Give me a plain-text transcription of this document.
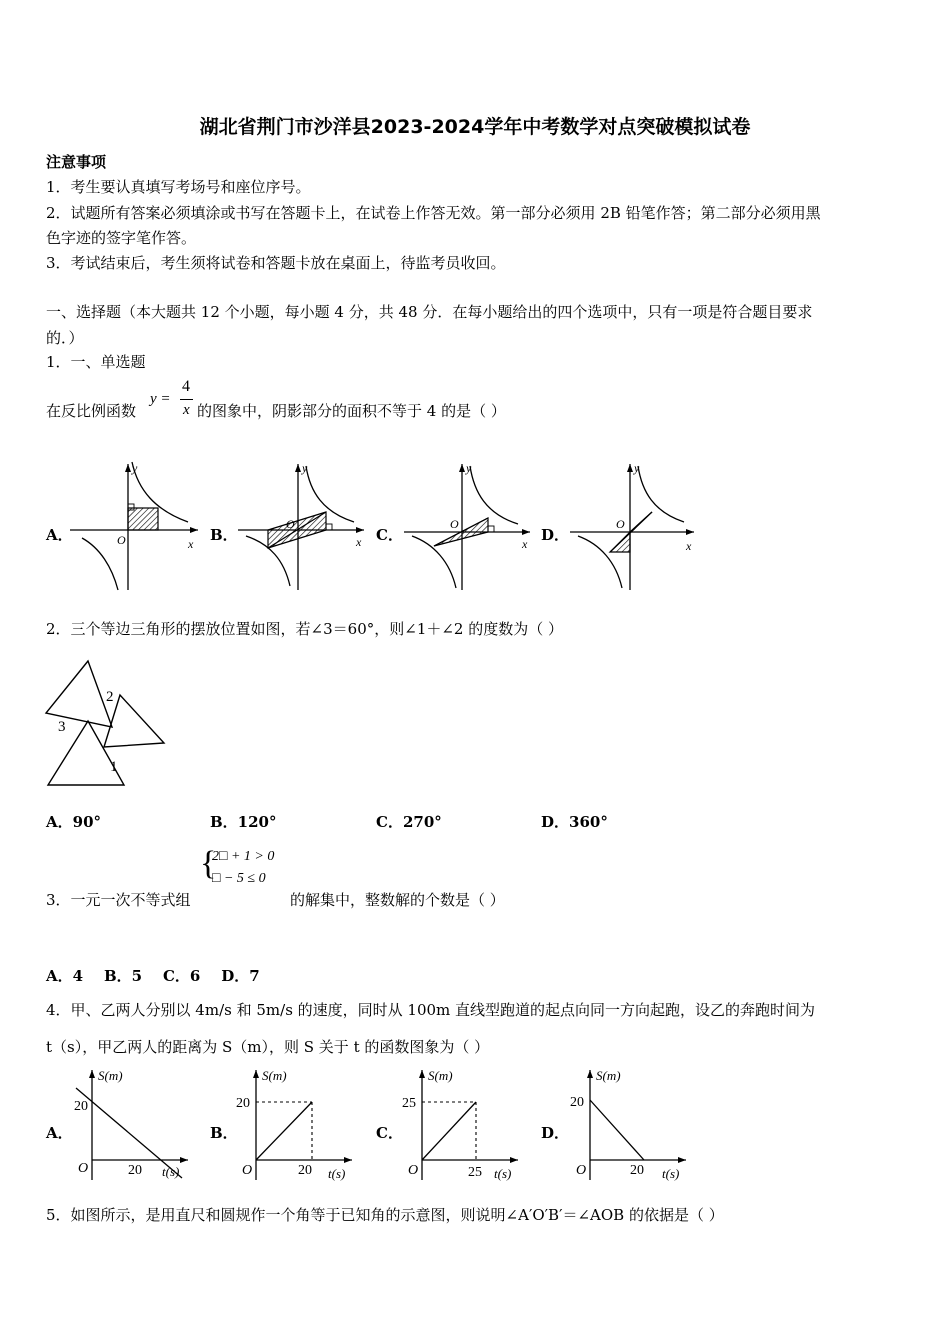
湖北省荆门市沙洋县2023-2024学年中考数学对点突破模拟试卷
注意事项
1．考生要认真填写考场号和座位序号。
2．试题所有答案必须填涂或书写在答题卡上，在试卷上作答无效。第一部分必须用 2B 铅笔作答；第二部分必须用黑
色字迹的签字笔作答。
3．考试结束后，考生须将试卷和答题卡放在桌面上，待监考员收回。
一、选择题（本大题共 12 个小题，每小题 4 分，共 48 分．在每小题给出的四个选项中，只有一项是符合题目要求
的．）
1．一、单选题
在反比例函数
y =
4
x 的图象中，阴影部分的面积不等于 4 的是（ ）
A．	B．	C．	D．
x
y
O	x
y
O
x
y
O
x
y
O
2．三个等边三角形的摆放位置如图，若∠3＝60°，则∠1＋∠2 的度数为（ ）
2
3
1
A．90°	B．120°	C．270°	D．360°
{
2□ + 1 > 0
□ − 5 ≤ 0
3．一元一次不等式组	的解集中，整数解的个数是（ ）
A．4    B．5    C．6    D．7
4．甲、乙两人分别以 4m/s 和 5m/s 的速度，同时从 100m 直线型跑道的起点向同一方向起跑，设乙的奔跑时间为
t（s），甲乙两人的距离为 S（m），则 S 关于 t 的函数图象为（ ）
A．	B．	C．	D．
S(m)
20
O	20 t(s)
S(m)
20
O	20 t(s)
S(m)
25
O	25 t(s)
S(m)
20
O	20 t(s)
5．如图所示，是用直尺和圆规作一个角等于已知角的示意图，则说明∠A′O′B′＝∠AOB 的依据是（ ）
